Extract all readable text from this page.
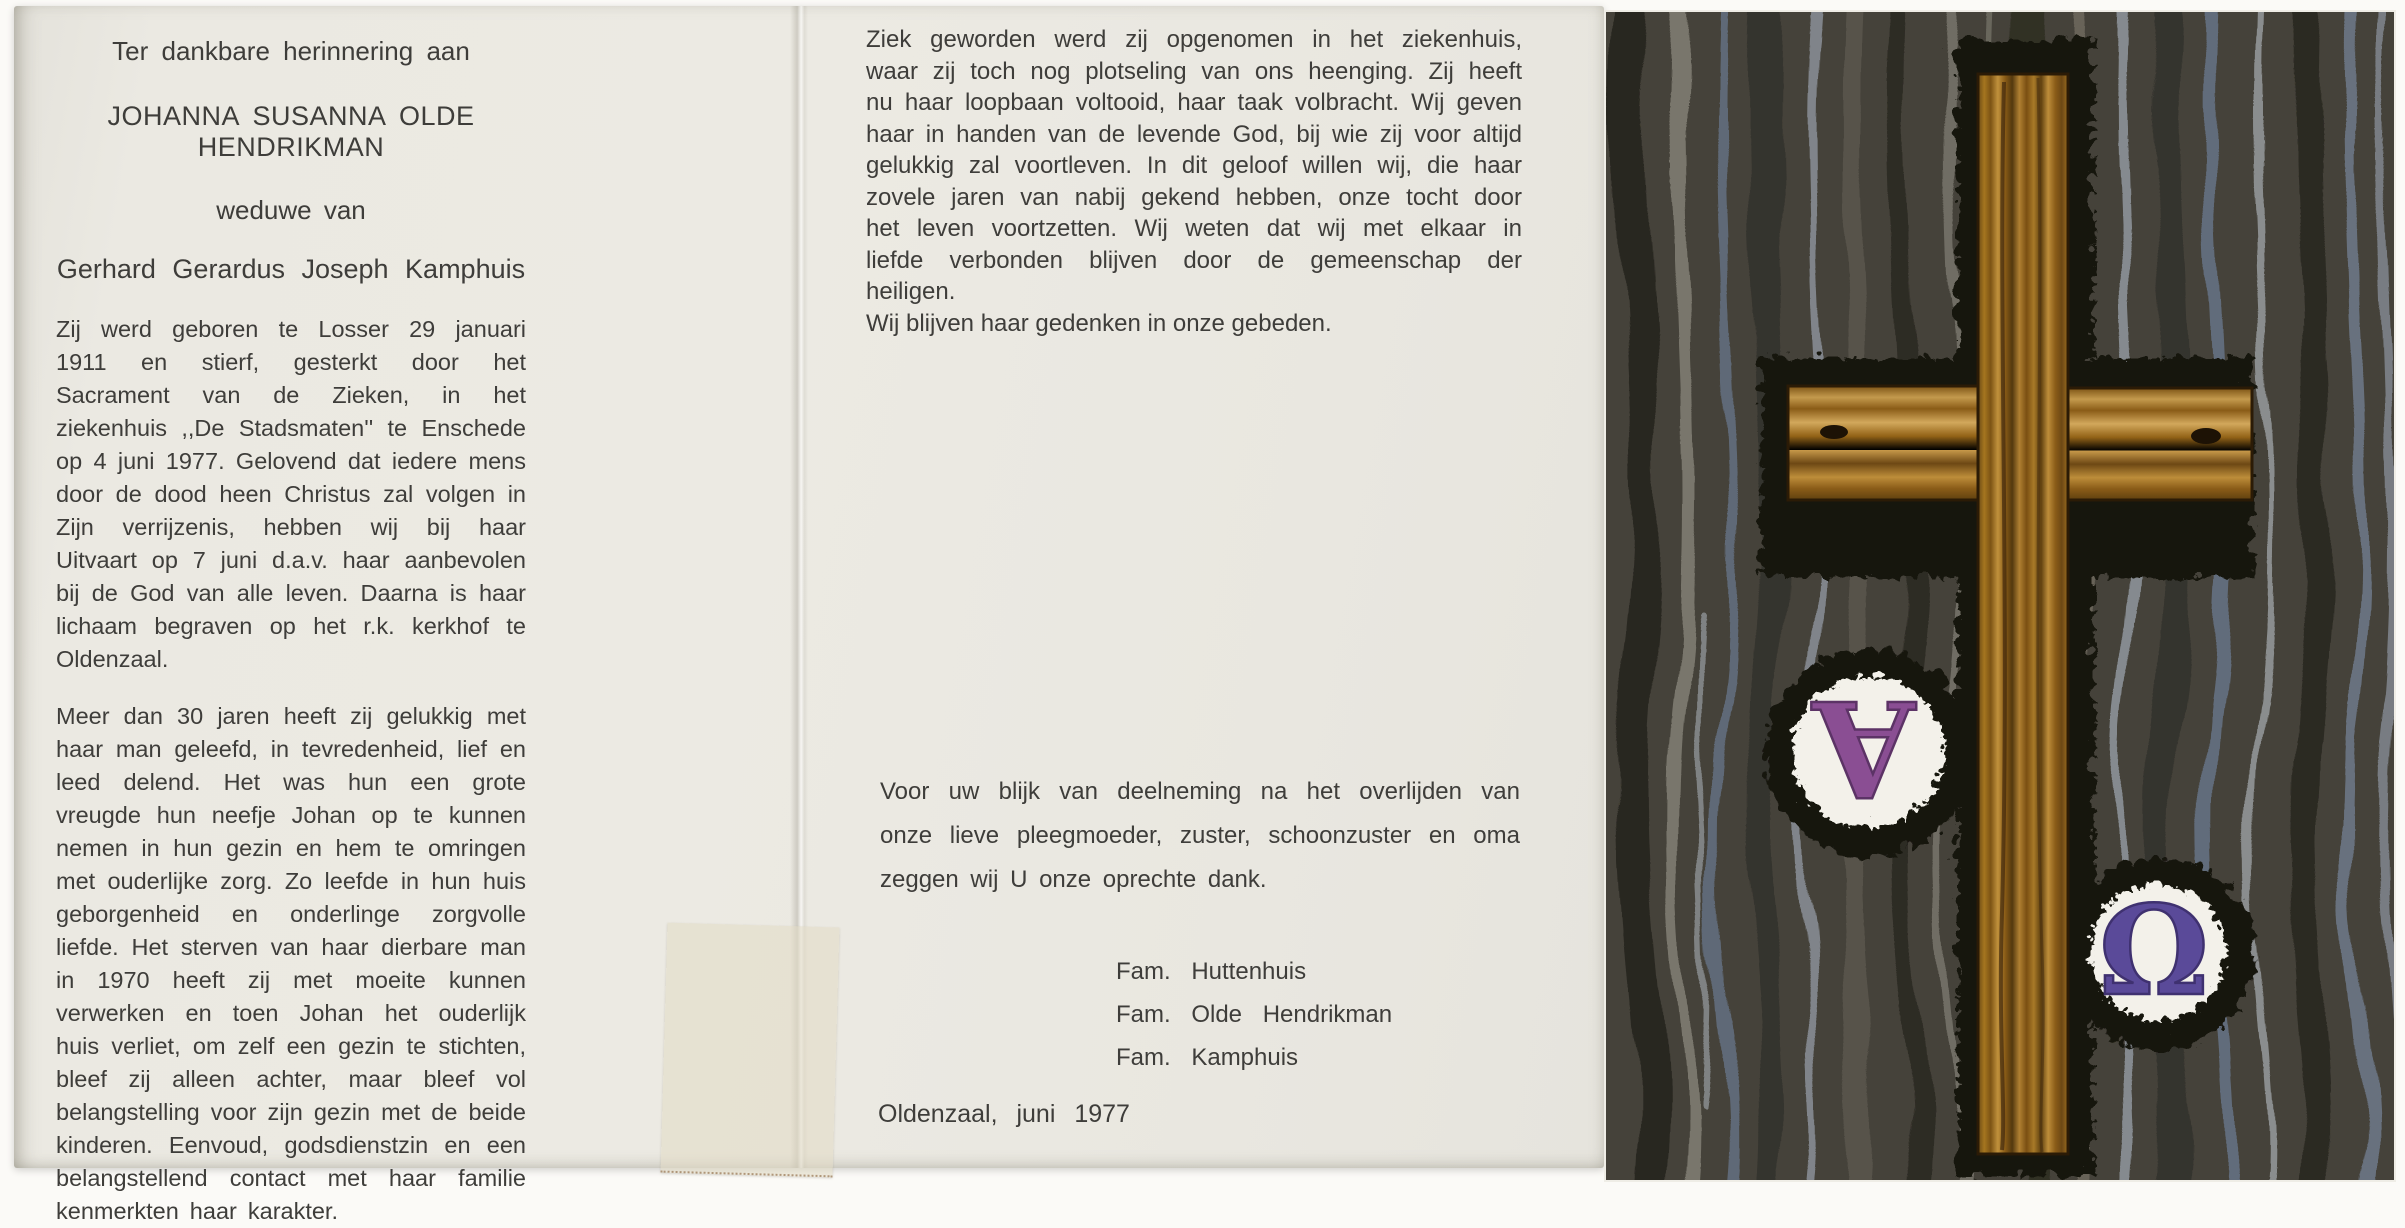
Ter dankbare herinnering aan
JOHANNA SUSANNA OLDE HENDRIKMAN
weduwe van
Gerhard Gerardus Joseph Kamphuis

Zij werd geboren te Losser 29 januari 1911 en stierf, gesterkt door het Sacrament van de Zieken, in het ziekenhuis ,,De Stadsmaten'' te Enschede op 4 juni 1977. Gelovend dat iedere mens door de dood heen Christus zal volgen in Zijn verrijzenis, hebben wij bij haar Uitvaart op 7 juni d.a.v. haar aanbevolen bij de God van alle leven. Daarna is haar lichaam begraven op het r.k. kerkhof te Oldenzaal.

Meer dan 30 jaren heeft zij gelukkig met haar man geleefd, in tevredenheid, lief en leed delend. Het was hun een grote vreugde hun neefje Johan op te kunnen nemen in hun gezin en hem te omringen met ouderlijke zorg. Zo leefde in hun huis geborgenheid en onderlinge zorgvolle liefde. Het sterven van haar dierbare man in 1970 heeft zij met moeite kunnen verwerken en toen Johan het ouderlijk huis verliet, om zelf een gezin te stichten, bleef zij alleen achter, maar bleef vol belangstelling voor zijn gezin met de beide kinderen. Eenvoud, godsdienstzin en een belangstellend contact met haar familie kenmerkten haar karakter.

Ziek geworden werd zij opgenomen in het ziekenhuis, waar zij toch nog plotseling van ons heenging. Zij heeft nu haar loopbaan voltooid, haar taak volbracht. Wij geven haar in handen van de levende God, bij wie zij voor altijd gelukkig zal voortleven. In dit geloof willen wij, die haar zovele jaren van nabij gekend hebben, onze tocht door het leven voortzetten. Wij weten dat wij met elkaar in liefde verbonden blijven door de gemeenschap der heiligen.

Wij blijven haar gedenken in onze gebeden.

Voor uw blijk van deelneming na het overlijden van onze lieve pleegmoeder, zuster, schoonzuster en oma zeggen wij U onze oprechte dank.

Fam. Huttenhuis
Fam. Olde Hendrikman
Fam. Kamphuis
Oldenzaal, juni 1977
A
Ω
